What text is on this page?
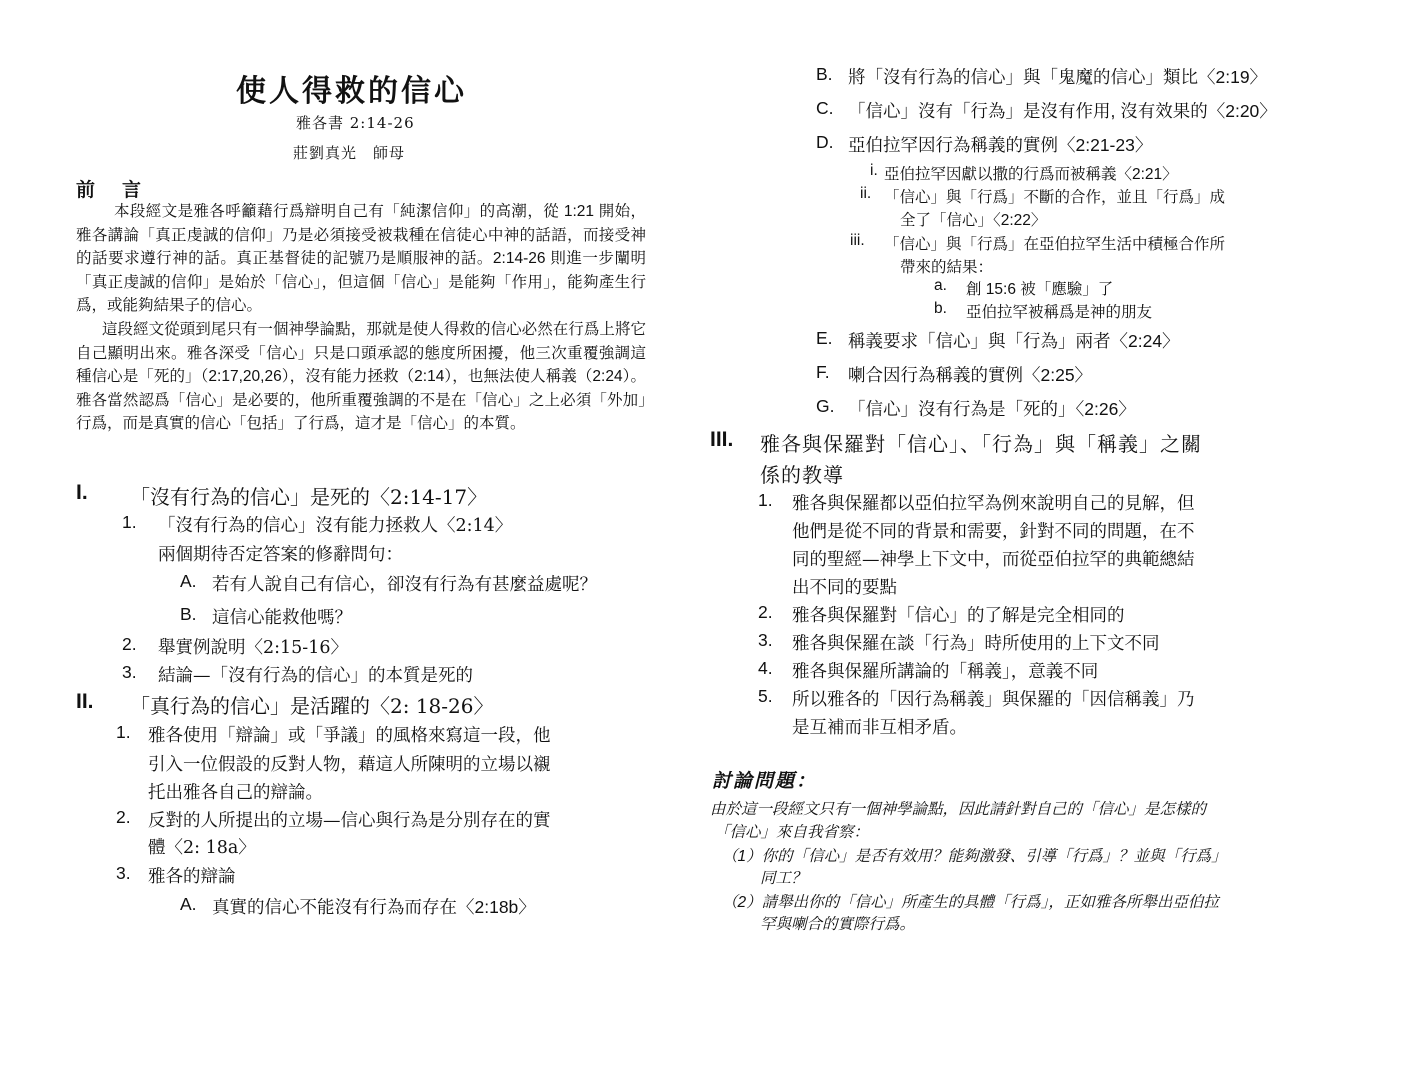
使人得救的信心
雅各書 2:14-26
莊劉真光　師母
前　言

本段經文是雅各呼籲藉行爲辯明自己有「純潔信仰」的高潮，從 1:21 開始，雅各講論「真正虔誠的信仰」乃是必須接受被栽種在信徒心中神的話語，而接受神的話要求遵行神的話。真正基督徒的記號乃是順服神的話。2:14-26 則進一步闡明「真正虔誠的信仰」是始於「信心」，但這個「信心」是能夠「作用」，能夠產生行爲，或能夠結果子的信心。

這段經文從頭到尾只有一個神學論點，那就是使人得救的信心必然在行爲上將它自己顯明出來。雅各深受「信心」只是口頭承認的態度所困擾，他三次重覆強調這種信心是「死的」（2:17,20,26），沒有能力拯救（2:14），也無法使人稱義（2:24）。雅各當然認爲「信心」是必要的，他所重覆強調的不是在「信心」之上必須「外加」行爲，而是真實的信心「包括」了行爲，這才是「信心」的本質。

I. 「沒有行為的信心」是死的〈2:14-17〉
1. 「沒有行為的信心」沒有能力拯救人〈2:14〉
兩個期待否定答案的修辭問句：
A. 若有人說自己有信心，卻沒有行為有甚麼益處呢？
B. 這信心能救他嗎？
2. 舉實例說明〈2:15-16〉
3. 結論—「沒有行為的信心」的本質是死的
II. 「真行為的信心」是活躍的〈2: 18-26〉
1. 雅各使用「辯論」或「爭議」的風格來寫這一段，他
引入一位假設的反對人物，藉這人所陳明的立場以襯
托出雅各自己的辯論。
2. 反對的人所提出的立場—信心與行為是分別存在的實
體〈2: 18a〉
3. 雅各的辯論
A. 真實的信心不能沒有行為而存在〈2:18b〉
B. 將「沒有行為的信心」與「鬼魔的信心」類比〈2:19〉
C. 「信心」沒有「行為」是沒有作用, 沒有效果的〈2:20〉
D. 亞伯拉罕因行為稱義的實例〈2:21-23〉
i. 亞伯拉罕因獻以撒的行爲而被稱義〈2:21〉
ii. 「信心」與「行爲」不斷的合作，並且「行爲」成
全了「信心」〈2:22〉
iii. 「信心」與「行爲」在亞伯拉罕生活中積極合作所
帶來的結果：
a. 創 15:6 被「應驗」了
b. 亞伯拉罕被稱爲是神的朋友
E. 稱義要求「信心」與「行為」兩者〈2:24〉
F. 喇合因行為稱義的實例〈2:25〉
G. 「信心」沒有行為是「死的」〈2:26〉
III. 雅各與保羅對「信心」、「行為」與「稱義」之關
係的教導
1. 雅各與保羅都以亞伯拉罕為例來說明自己的見解，但
他們是從不同的背景和需要，針對不同的問題，在不
同的聖經—神學上下文中，而從亞伯拉罕的典範總結
出不同的要點
2. 雅各與保羅對「信心」的了解是完全相同的
3. 雅各與保羅在談「行為」時所使用的上下文不同
4. 雅各與保羅所講論的「稱義」，意義不同
5. 所以雅各的「因行為稱義」與保羅的「因信稱義」乃
是互補而非互相矛盾。
討論問題：
由於這一段經文只有一個神學論點，因此請針對自己的「信心」是怎樣的
「信心」來自我省察：
（1）你的「信心」是否有效用？能夠激發、引導「行爲」？並與「行爲」
同工？
（2）請舉出你的「信心」所產生的具體「行爲」，正如雅各所舉出亞伯拉
罕與喇合的實際行爲。
